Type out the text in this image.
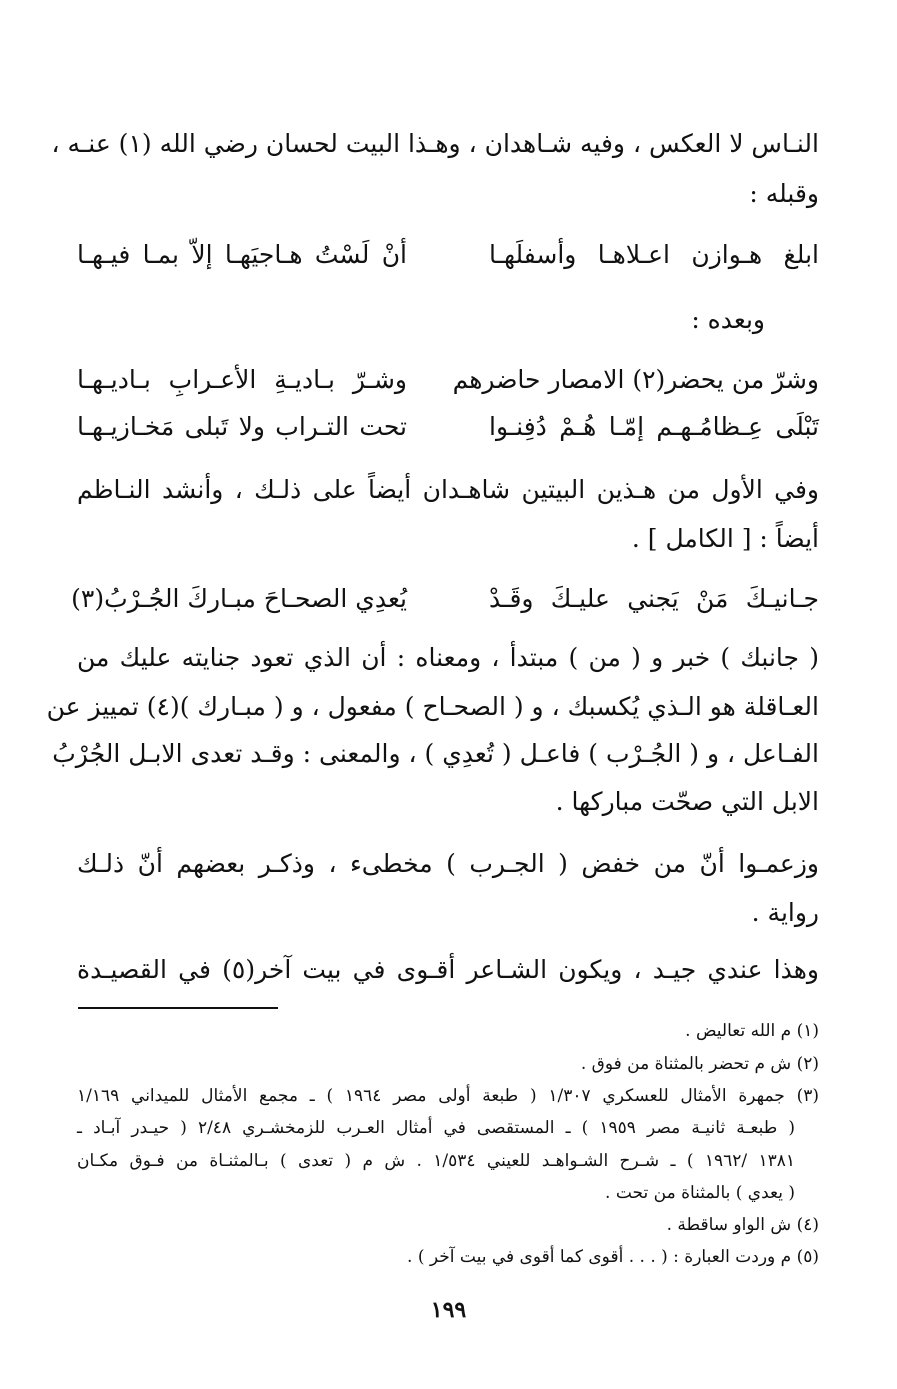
النـاس لا العكس ، وفيه شـاهدان ، وهـذا البيت لحسان رضي الله (١) عنـه ،
وقبله :
ابلغ هـوازن اعـلاهـا وأسفلَهـا
أنْ لَسْتُ هـاجيَهـا إلاّ بمـا فيـهـا
وبعده :
وشرّ من يحضر(٢) الامصار حاضرهم
وشـرّ بـاديـةِ الأعـرابِ بـاديـهـا
تَبْلَى عِـظامُـهـم إمّـا هُـمْ دُفِنـوا
تحت التـراب ولا تَبلى مَخـازيـهـا
وفي الأول من هـذين البيتين شاهـدان أيضاً على ذلـك ، وأنشد النـاظم
أيضاً : [ الكامل ] .
جـانيـكَ مَنْ يَجني عليـكَ وقَـدْ
يُعدِي الصحـاحَ مبـاركَ الجُـرْبُ(٣)
( جانبك ) خبر و ( من ) مبتدأ ، ومعناه : أن الذي تعود جنايته عليك من
العـاقلة هو الـذي يُكسبك ، و ( الصحـاح ) مفعول ، و ( مبـارك )(٤) تمييز عن
الفـاعل ، و ( الجُـرْب ) فاعـل ( تُعدِي ) ، والمعنى : وقـد تعدى الابـل الجُرْبُ
الابل التي صحّت مباركها .
وزعمـوا أنّ من خفض ( الجـرب ) مخطىء ، وذكـر بعضهم أنّ ذلـك
رواية .
وهذا عندي جيـد ، ويكون الشـاعر أقـوى في بيت آخر(٥) في القصيـدة
(١) م الله تعاليض .
(٢) ش م تحضر بالمثناة من فوق .
(٣) جمهرة الأمثال للعسكري ١/٣٠٧ ( طبعة أولى مصر ١٩٦٤ ) ـ مجمع الأمثال للميداني ١/١٦٩
( طبعـة ثانيـة مصر ١٩٥٩ ) ـ المستقصى في أمثال العـرب للزمخشـري ٢/٤٨ ( حيـدر آبـاد ـ
١٣٨١ /١٩٦٢ ) ـ شـرح الشـواهـد للعيني ١/٥٣٤ . ش م ( تعدى ) بـالمثنـاة من فـوق مكـان
( يعدي ) بالمثناة من تحت .
(٤) ش الواو ساقطة .
(٥) م وردت العبارة : ( . . . أقوى كما أقوى في بيت آخر ) .
١٩٩
